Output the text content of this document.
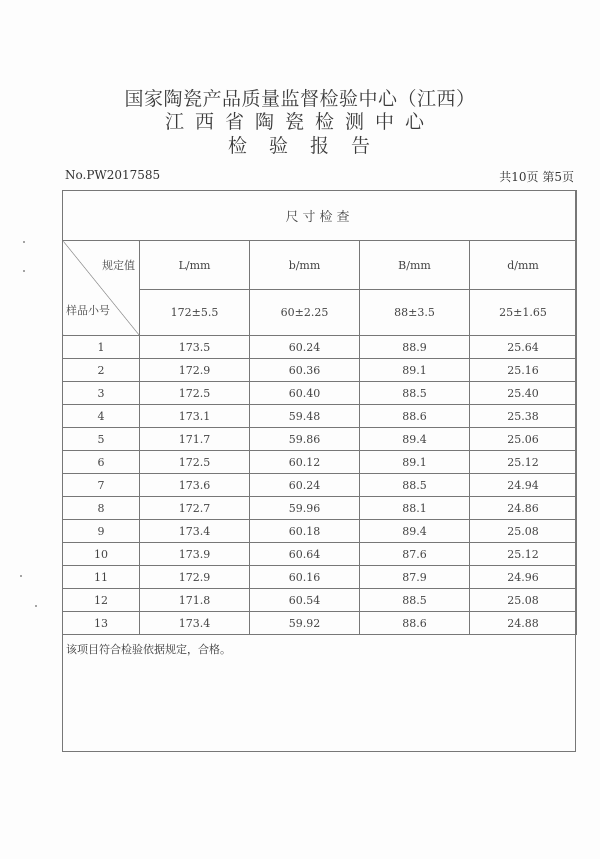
国家陶瓷产品质量监督检验中心（江西）
江西省陶瓷检测中心
检验报告
No.PW2017585	共10页 第5页
尺寸检查				

规定值
样品小号	L/mm	b/mm	B/mm	d/mm
	172±5.5	60±2.25	88±3.5	25±1.65
1	173.5	60.24	88.9	25.64
2	172.9	60.36	89.1	25.16
3	172.5	60.40	88.5	25.40
4	173.1	59.48	88.6	25.38
5	171.7	59.86	89.4	25.06
6	172.5	60.12	89.1	25.12
7	173.6	60.24	88.5	24.94
8	172.7	59.96	88.1	24.86
9	173.4	60.18	89.4	25.08
10	173.9	60.64	87.6	25.12
11	172.9	60.16	87.9	24.96
12	171.8	60.54	88.5	25.08
13	173.4	59.92	88.6	24.88
该项目符合检验依据规定，合格。
